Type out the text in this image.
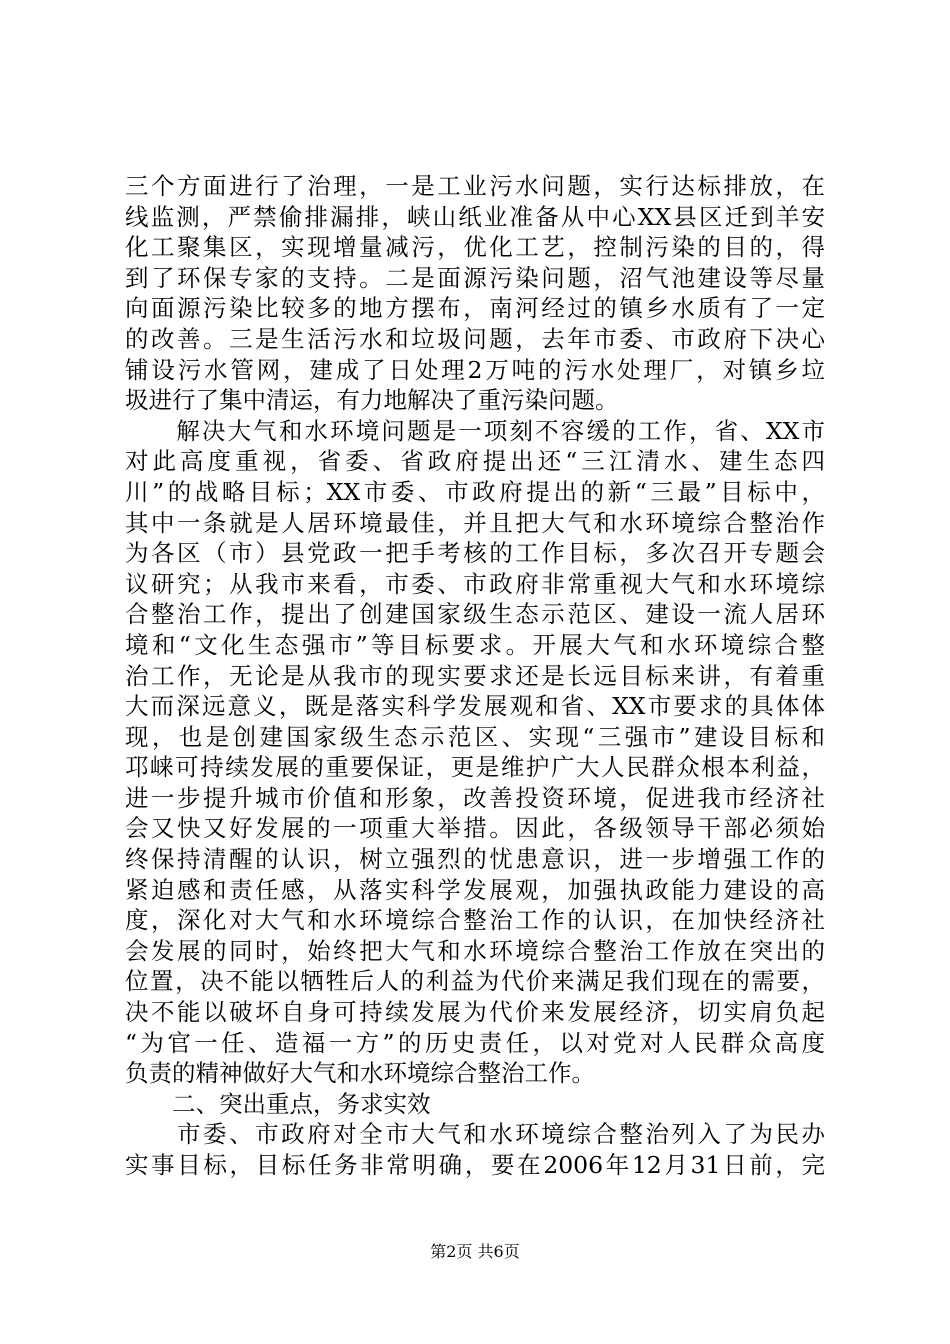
三个方面进行了治理，一是工业污水问题，实行达标排放，在
线监测，严禁偷排漏排，峡山纸业准备从中心XX县区迁到羊安
化工聚集区，实现增量减污，优化工艺，控制污染的目的，得
到了环保专家的支持。二是面源污染问题，沼气池建设等尽量
向面源污染比较多的地方摆布，南河经过的镇乡水质有了一定
的改善。三是生活污水和垃圾问题，去年市委、市政府下决心
铺设污水管网，建成了日处理2万吨的污水处理厂，对镇乡垃
圾进行了集中清运，有力地解决了重污染问题。
　　解决大气和水环境问题是一项刻不容缓的工作，省、XX市
对此高度重视，省委、省政府提出还“三江清水、建生态四
川”的战略目标；XX市委、市政府提出的新“三最”目标中，
其中一条就是人居环境最佳，并且把大气和水环境综合整治作
为各区（市）县党政一把手考核的工作目标，多次召开专题会
议研究；从我市来看，市委、市政府非常重视大气和水环境综
合整治工作，提出了创建国家级生态示范区、建设一流人居环
境和“文化生态强市”等目标要求。开展大气和水环境综合整
治工作，无论是从我市的现实要求还是长远目标来讲，有着重
大而深远意义，既是落实科学发展观和省、XX市要求的具体体
现，也是创建国家级生态示范区、实现“三强市”建设目标和
邛崃可持续发展的重要保证，更是维护广大人民群众根本利益，
进一步提升城市价值和形象，改善投资环境，促进我市经济社
会又快又好发展的一项重大举措。因此，各级领导干部必须始
终保持清醒的认识，树立强烈的忧患意识，进一步增强工作的
紧迫感和责任感，从落实科学发展观，加强执政能力建设的高
度，深化对大气和水环境综合整治工作的认识，在加快经济社
会发展的同时，始终把大气和水环境综合整治工作放在突出的
位置，决不能以牺牲后人的利益为代价来满足我们现在的需要，
决不能以破坏自身可持续发展为代价来发展经济，切实肩负起
“为官一任、造福一方”的历史责任，以对党对人民群众高度
负责的精神做好大气和水环境综合整治工作。
　　二、突出重点，务求实效
　　市委、市政府对全市大气和水环境综合整治列入了为民办
实事目标，目标任务非常明确，要在2006年12月31日前，完
第2页 共6页
